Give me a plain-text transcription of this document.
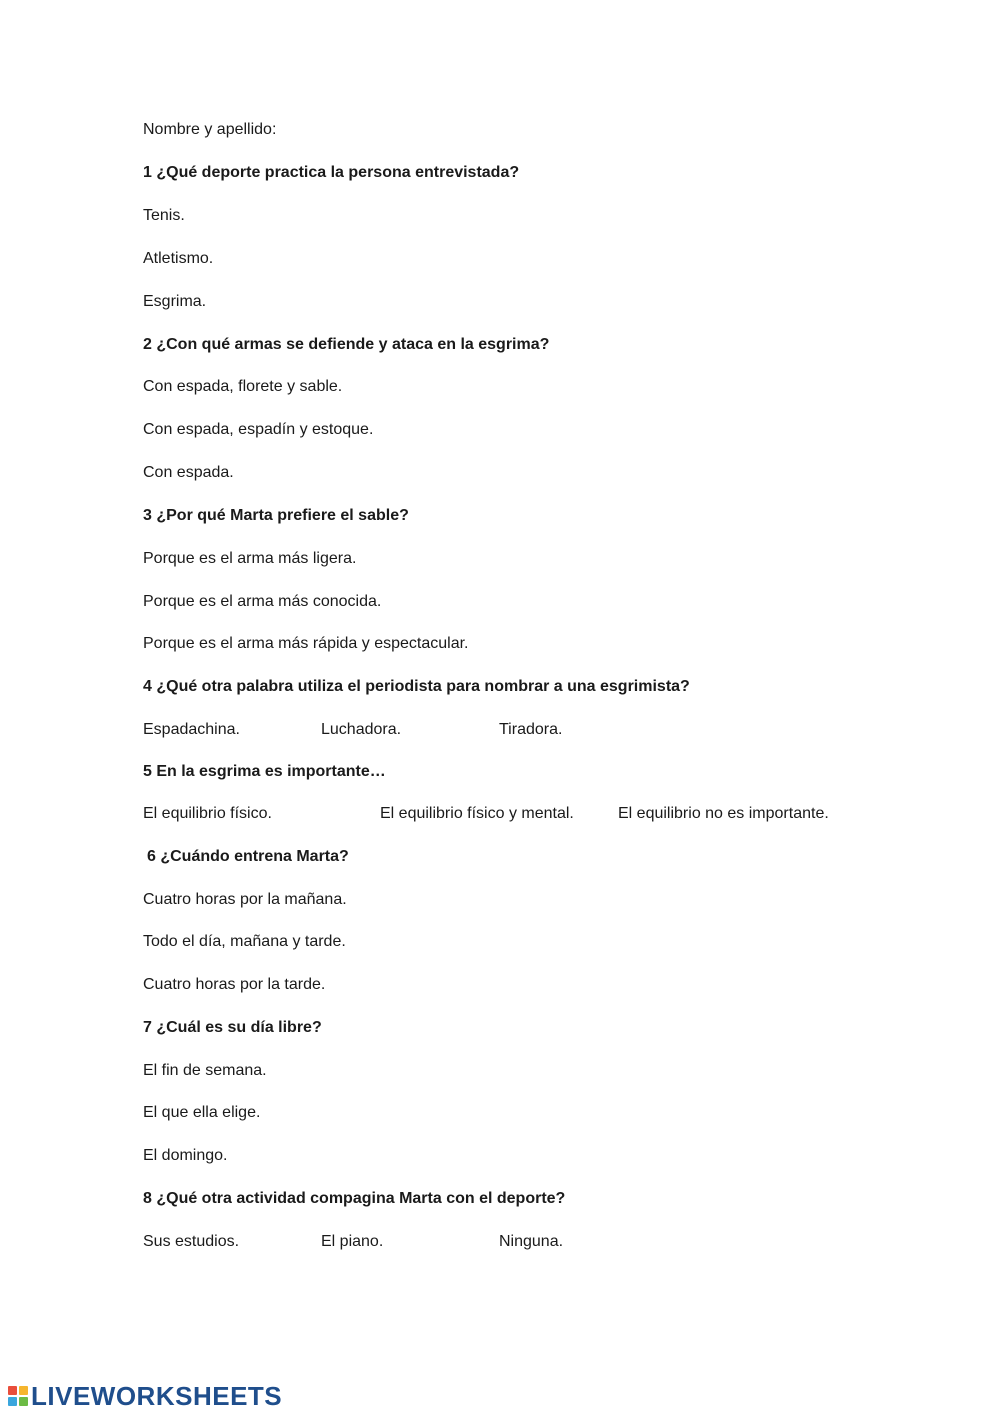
Nombre y apellido:
1 ¿Qué deporte practica la persona entrevistada?
Tenis.
Atletismo.
Esgrima.
2 ¿Con qué armas se defiende y ataca en la esgrima?
Con espada, florete y sable.
Con espada, espadín y estoque.
Con espada.
3 ¿Por qué Marta prefiere el sable?
Porque es el arma más ligera.
Porque es el arma más conocida.
Porque es el arma más rápida y espectacular.
4 ¿Qué otra palabra utiliza el periodista para nombrar a una esgrimista?
Espadachina.	Luchadora.	Tiradora.
5 En la esgrima es importante…
El equilibrio físico.	El equilibrio físico y mental.	El equilibrio no es importante.
6 ¿Cuándo entrena Marta?
Cuatro horas por la mañana.
Todo el día, mañana y tarde.
Cuatro horas por la tarde.
7 ¿Cuál es su día libre?
El fin de semana.
El que ella elige.
El domingo.
8 ¿Qué otra actividad compagina Marta con el deporte?
Sus estudios.	El piano.	Ninguna.
LIVEWORKSHEETS
